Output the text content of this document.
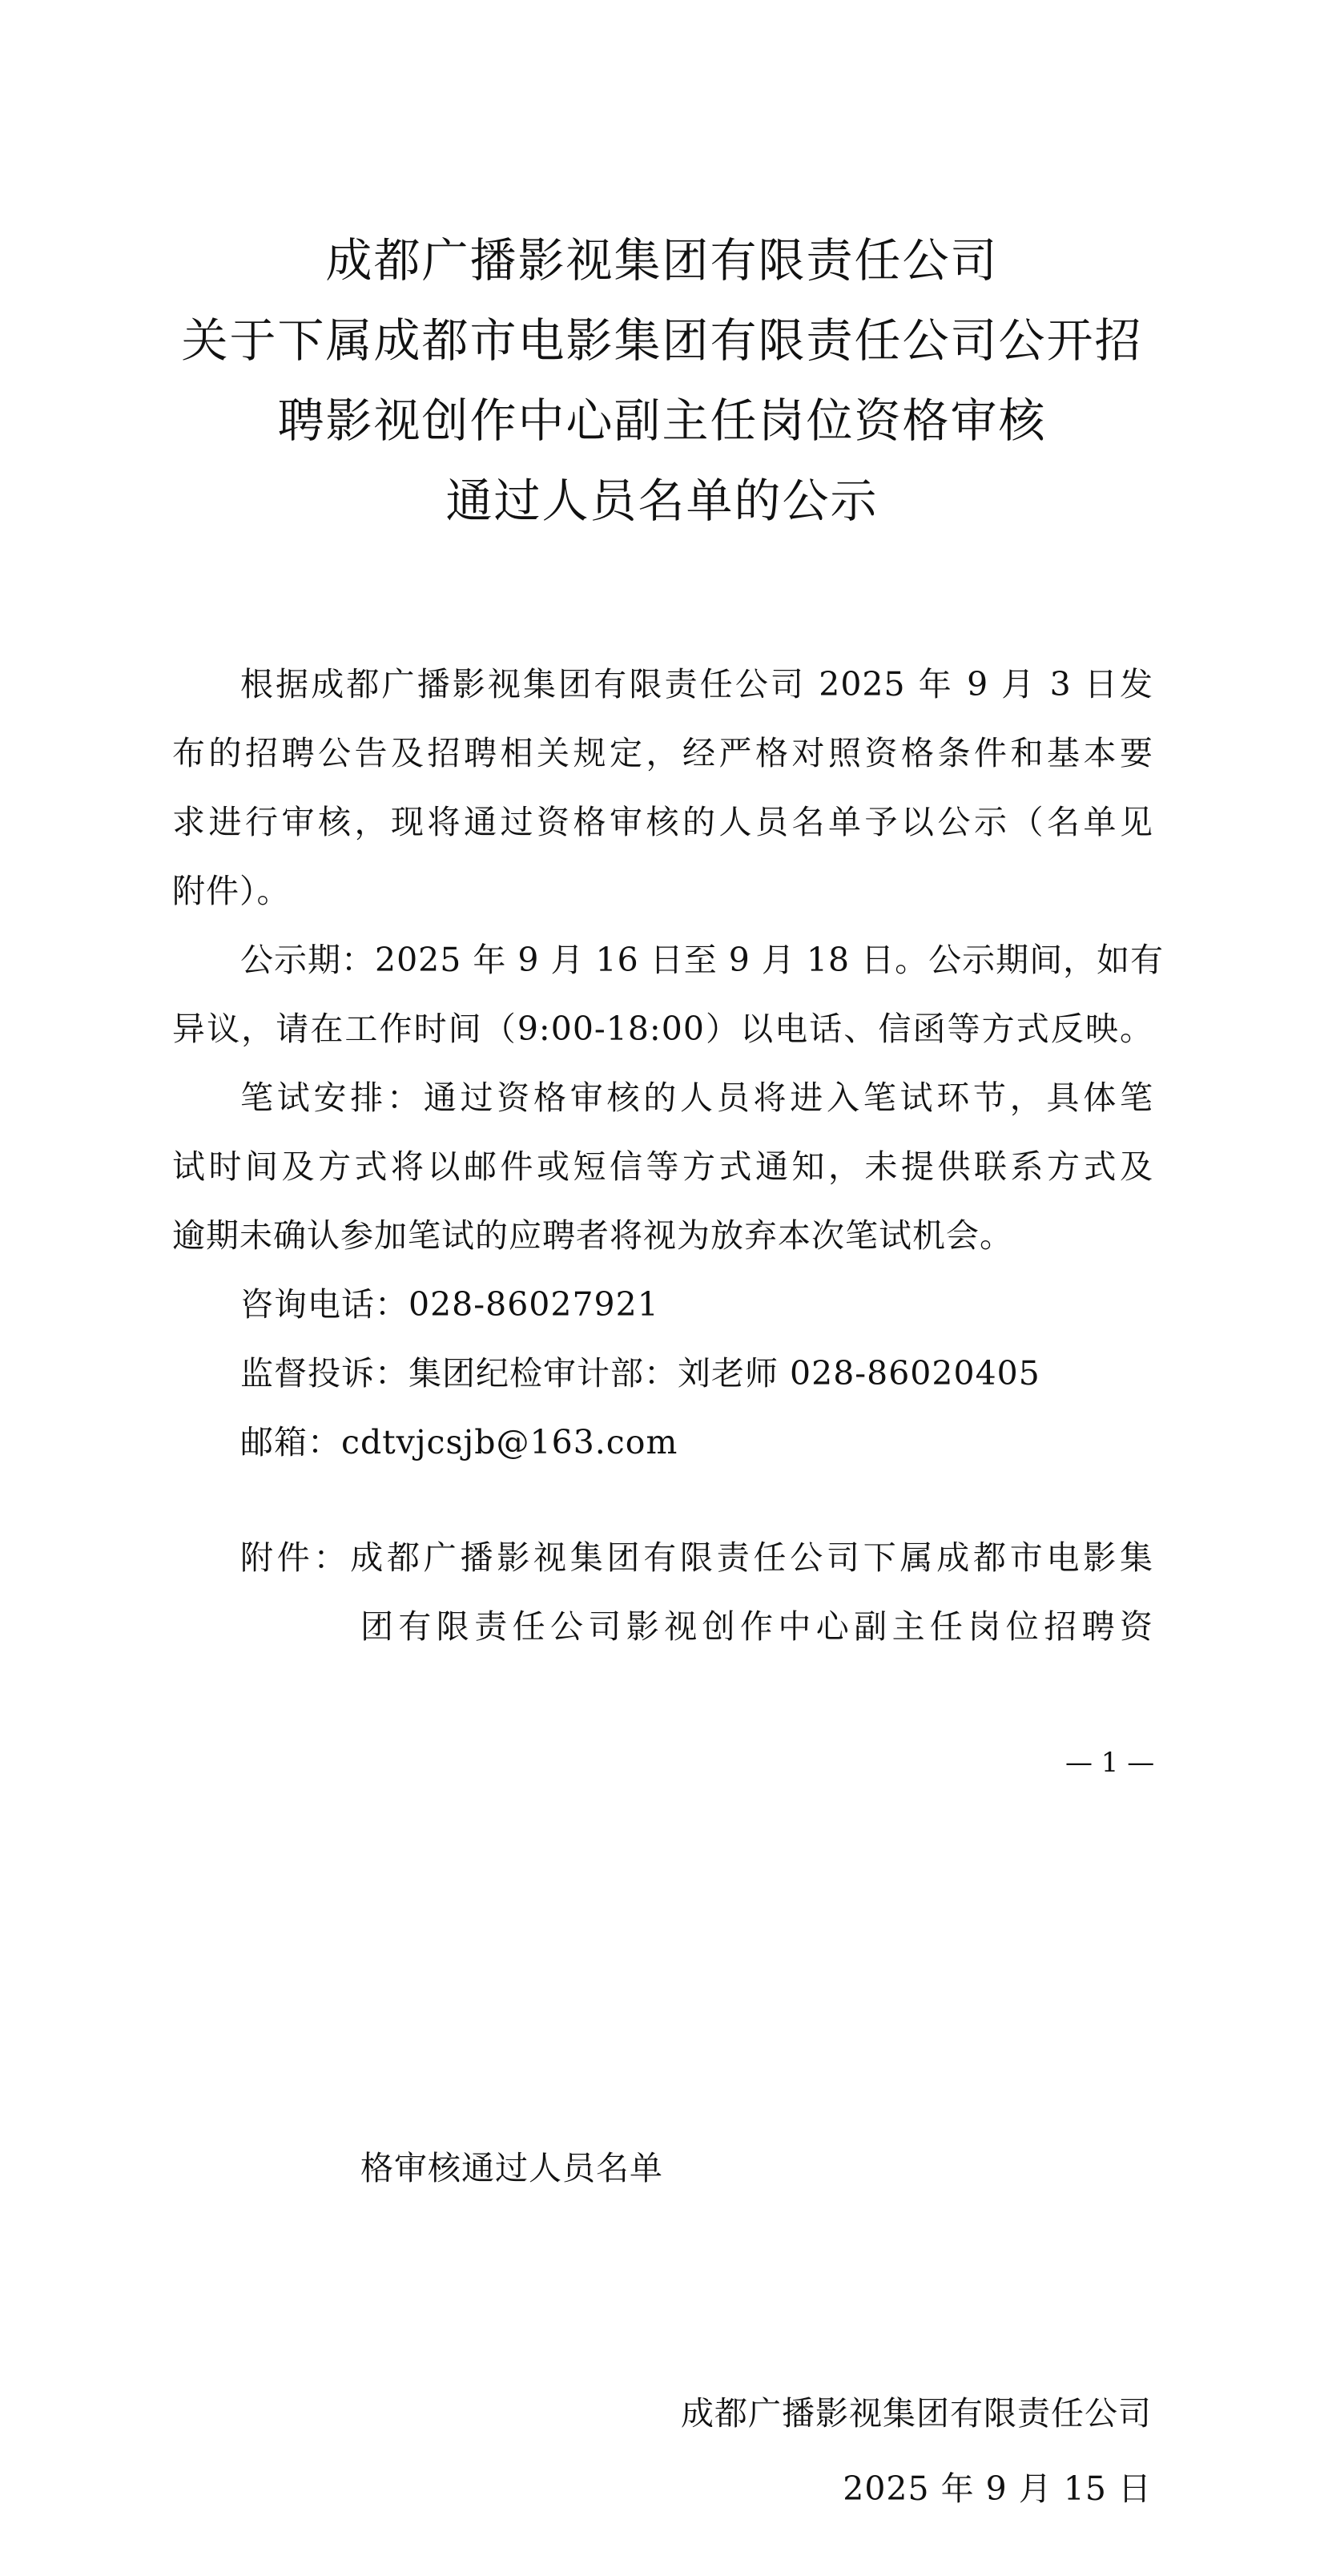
成都广播影视集团有限责任公司
关于下属成都市电影集团有限责任公司公开招
聘影视创作中心副主任岗位资格审核
通过人员名单的公示

根据成都广播影视集团有限责任公司 2025 年 9 月 3 日发

布的招聘公告及招聘相关规定，经严格对照资格条件和基本要

求进行审核，现将通过资格审核的人员名单予以公示（名单见

附件）。

公示期：2025 年 9 月 16 日至 9 月 18 日。公示期间，如有

异议，请在工作时间（9:00-18:00）以电话、信函等方式反映。

笔试安排：通过资格审核的人员将进入笔试环节，具体笔

试时间及方式将以邮件或短信等方式通知，未提供联系方式及

逾期未确认参加笔试的应聘者将视为放弃本次笔试机会。

咨询电话：028-86027921

监督投诉：集团纪检审计部：刘老师 028-86020405

邮箱：cdtvjcsjb@163.com

附件：成都广播影视集团有限责任公司下属成都市电影集

团有限责任公司影视创作中心副主任岗位招聘资

— 1 —

格审核通过人员名单

成都广播影视集团有限责任公司

2025 年 9 月 15 日
